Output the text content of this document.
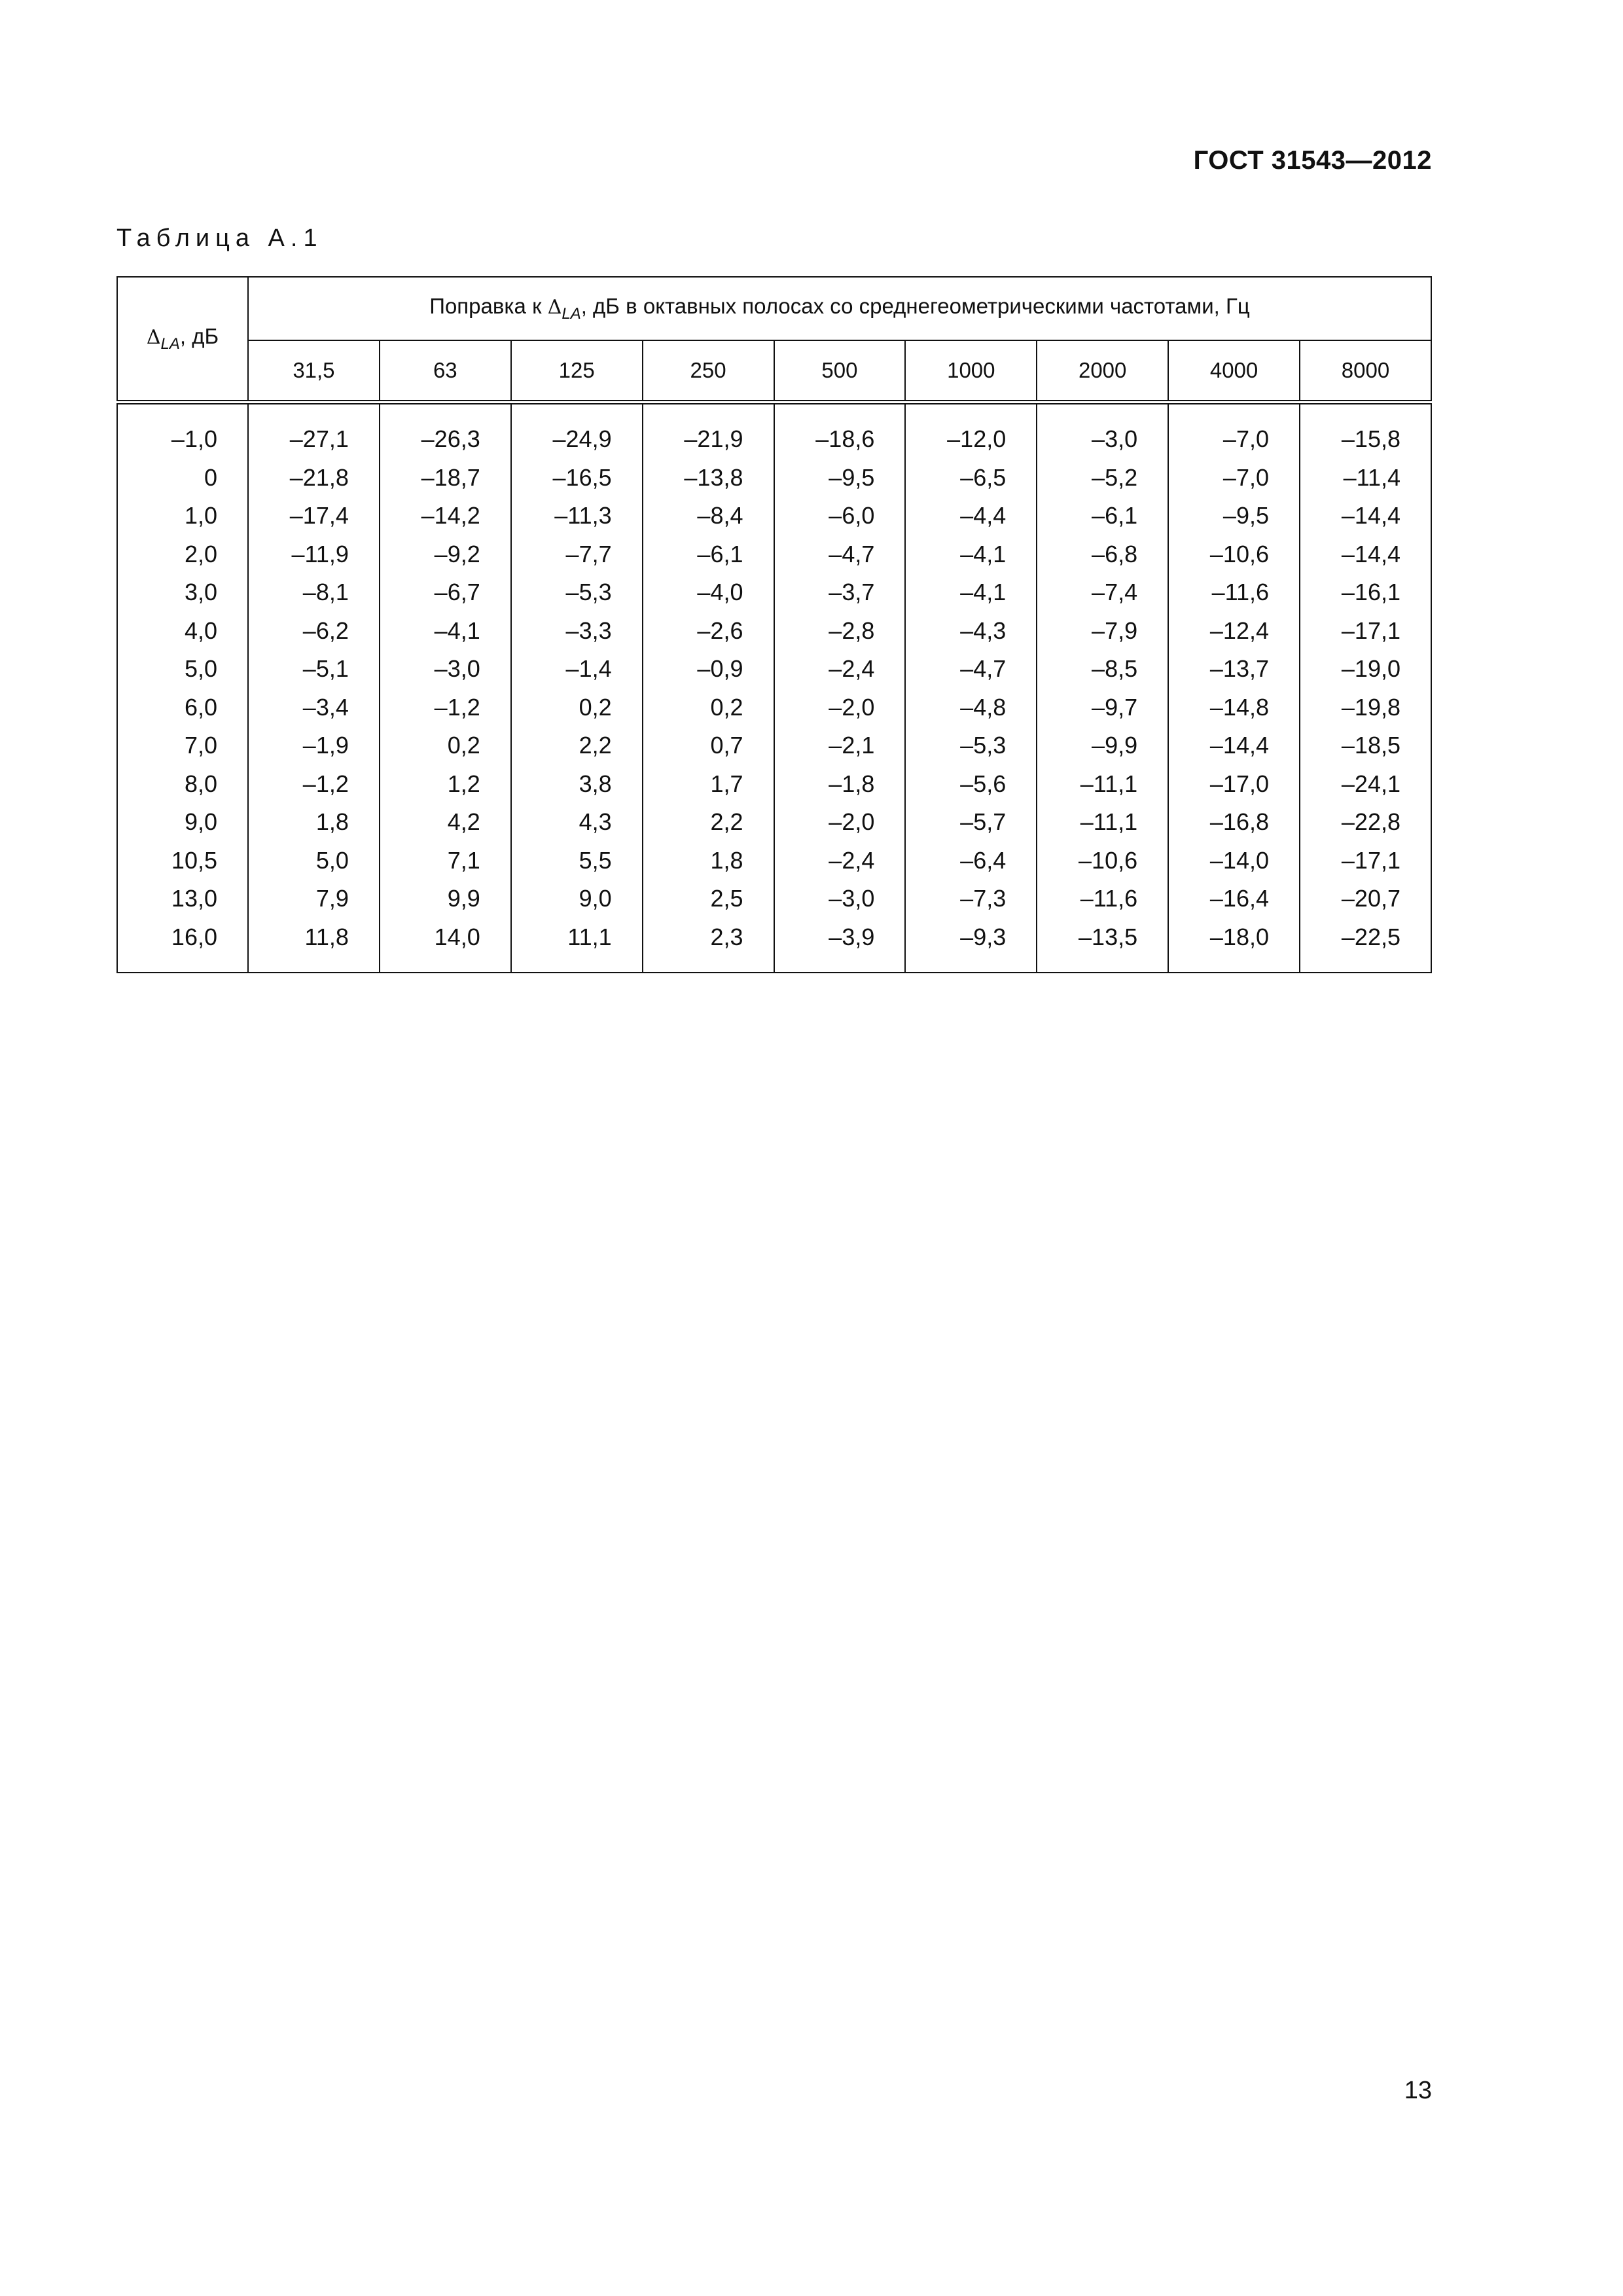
ГОСТ 31543—2012
Таблица А.1
$\Delta_{LA}$, дБ	Поправка к $\Delta_{LA}$, дБ в октавных полосах со среднегеометрическими частотами, Гц								
	31,5	63	125	250	500	1000	2000	4000	8000
–1,0	–27,1	–26,3	–24,9	–21,9	–18,6	–12,0	–3,0	–7,0	–15,8
0	–21,8	–18,7	–16,5	–13,8	–9,5	–6,5	–5,2	–7,0	–11,4
1,0	–17,4	–14,2	–11,3	–8,4	–6,0	–4,4	–6,1	–9,5	–14,4
2,0	–11,9	–9,2	–7,7	–6,1	–4,7	–4,1	–6,8	–10,6	–14,4
3,0	–8,1	–6,7	–5,3	–4,0	–3,7	–4,1	–7,4	–11,6	–16,1
4,0	–6,2	–4,1	–3,3	–2,6	–2,8	–4,3	–7,9	–12,4	–17,1
5,0	–5,1	–3,0	–1,4	–0,9	–2,4	–4,7	–8,5	–13,7	–19,0
6,0	–3,4	–1,2	0,2	0,2	–2,0	–4,8	–9,7	–14,8	–19,8
7,0	–1,9	0,2	2,2	0,7	–2,1	–5,3	–9,9	–14,4	–18,5
8,0	–1,2	1,2	3,8	1,7	–1,8	–5,6	–11,1	–17,0	–24,1
9,0	1,8	4,2	4,3	2,2	–2,0	–5,7	–11,1	–16,8	–22,8
10,5	5,0	7,1	5,5	1,8	–2,4	–6,4	–10,6	–14,0	–17,1
13,0	7,9	9,9	9,0	2,5	–3,0	–7,3	–11,6	–16,4	–20,7
16,0	11,8	14,0	11,1	2,3	–3,9	–9,3	–13,5	–18,0	–22,5
13
